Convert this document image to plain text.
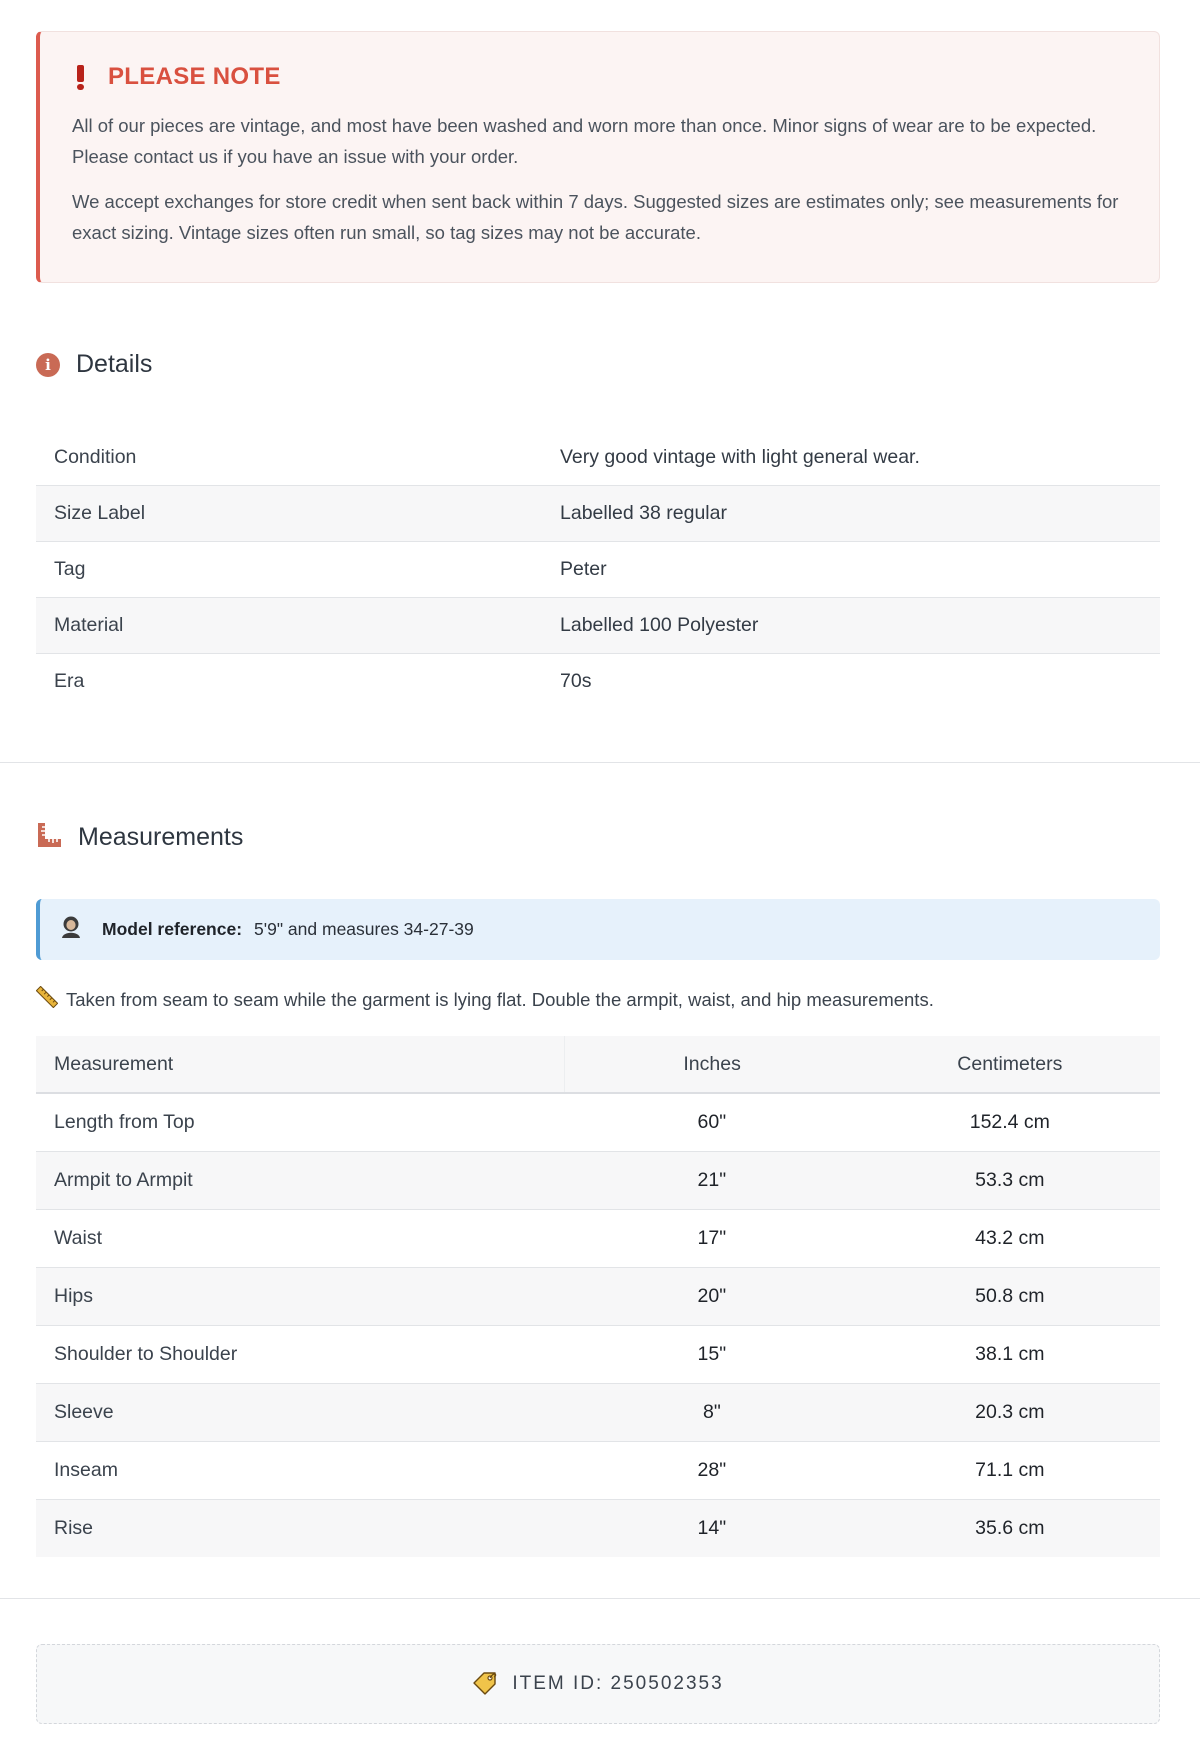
PLEASE NOTE

All of our pieces are vintage, and most have been washed and worn more than once. Minor signs of wear are to be expected. Please contact us if you have an issue with your order.

We accept exchanges for store credit when sent back within 7 days. Suggested sizes are estimates only; see measurements for exact sizing. Vintage sizes often run small, so tag sizes may not be accurate.

i	Details
Condition	Very good vintage with light general wear.
Size Label	Labelled 38 regular
Tag	Peter
Material	Labelled 100 Polyester
Era	70s
Measurements
Model reference: 5'9" and measures 34-27-39
Taken from seam to seam while the garment is lying flat. Double the armpit, waist, and hip measurements.
Measurement	Inches	Centimeters
Length from Top	60"	152.4 cm
Armpit to Armpit	21"	53.3 cm
Waist	17"	43.2 cm
Hips	20"	50.8 cm
Shoulder to Shoulder	15"	38.1 cm
Sleeve	8"	20.3 cm
Inseam	28"	71.1 cm
Rise	14"	35.6 cm
ITEM ID: 250502353
